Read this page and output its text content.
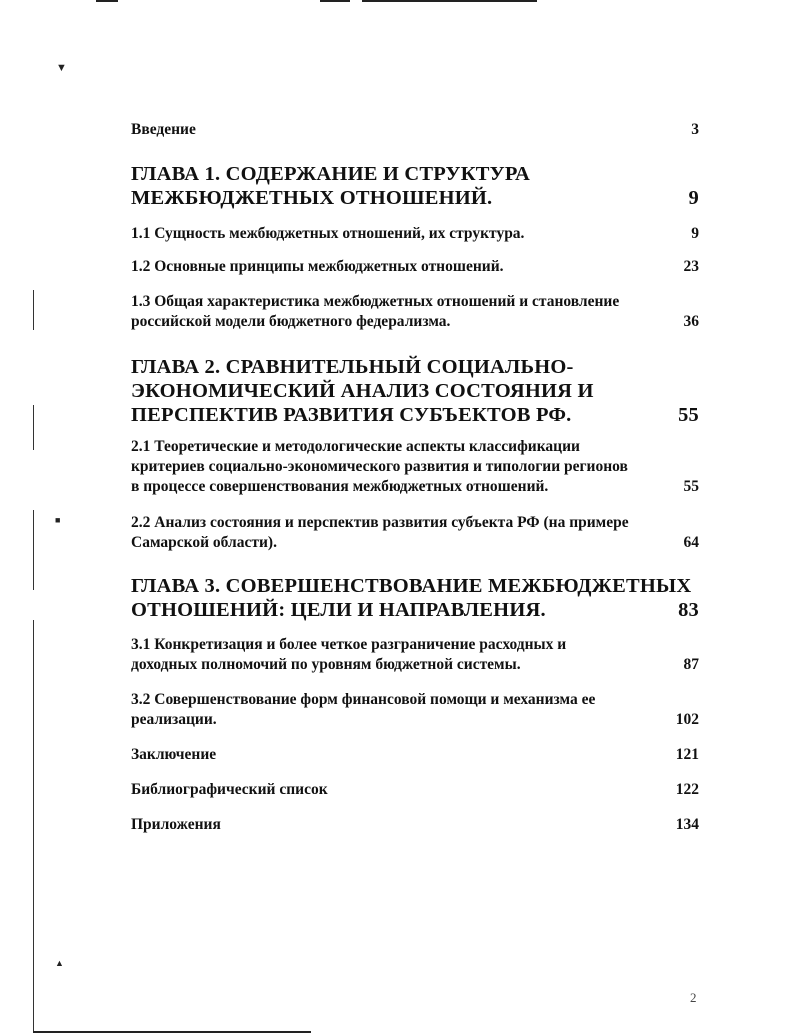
▼
■
▲
Введение	3
ГЛАВА 1. СОДЕРЖАНИЕ И СТРУКТУРА
МЕЖБЮДЖЕТНЫХ ОТНОШЕНИЙ.	9
1.1 Сущность межбюджетных отношений, их структура.	9
1.2 Основные принципы межбюджетных отношений.	23
1.3 Общая характеристика межбюджетных отношений и становление
российской модели бюджетного федерализма.	36
ГЛАВА 2. СРАВНИТЕЛЬНЫЙ СОЦИАЛЬНО-
ЭКОНОМИЧЕСКИЙ АНАЛИЗ СОСТОЯНИЯ И
ПЕРСПЕКТИВ РАЗВИТИЯ СУБЪЕКТОВ РФ.	55
2.1 Теоретические и методологические аспекты классификации
критериев социально-экономического развития и типологии регионов
в процессе совершенствования межбюджетных отношений.	55
2.2 Анализ состояния и перспектив развития субъекта РФ (на примере
Самарской области).	64
ГЛАВА 3. СОВЕРШЕНСТВОВАНИЕ МЕЖБЮДЖЕТНЫХ
ОТНОШЕНИЙ: ЦЕЛИ И НАПРАВЛЕНИЯ.	83
3.1 Конкретизация и более четкое разграничение расходных и
доходных полномочий по уровням бюджетной системы.	87
3.2 Совершенствование форм финансовой помощи и механизма ее
реализации.	102
Заключение	121
Библиографический список	122
Приложения	134
2
